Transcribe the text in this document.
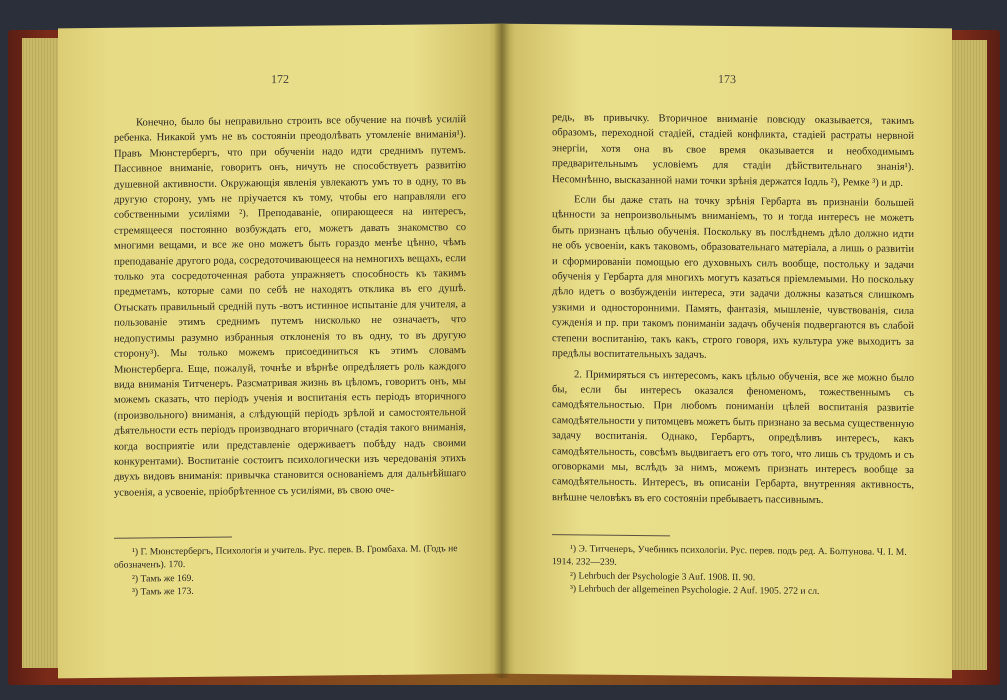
172

Конечно, было бы неправильно строить все обучение на почвѣ усилій ребенка. Никакой умъ не въ состояніи преодолѣвать утомленіе вниманія¹). Правъ Мюнстербергъ, что при обученіи надо идти среднимъ путемъ. Пассивное вниманіе, говоритъ онъ, ничуть не способствуетъ развитію душевной активности. Окружающія явленія увлекаютъ умъ то в одну, то въ другую сторону, умъ не пріучается къ тому, чтобы его направляли его собственными усиліями ²). Преподаваніе, опирающееся на интересъ, стремящееся постоянно возбуждать его, можетъ давать знакомство со многими вещами, и все же оно можетъ быть гораздо менѣе цѣнно, чѣмъ преподаваніе другого рода, сосредоточивающееся на немногихъ вещахъ, если только эта сосредоточенная работа упражняетъ способность къ такимъ предметамъ, которые сами по себѣ не находятъ отклика въ его душѣ. Отыскать правильный средній путь -вотъ истинное испытаніе для учителя, а пользованіе этимъ среднимъ путемъ нисколько не означаетъ, что недопустимы разумно избранныя отклоненія то въ одну, то въ другую сторону³). Мы только можемъ присоединиться къ этимъ словамъ Мюнстерберга. Еще, пожалуй, точнѣе и вѣрнѣе опредѣляетъ роль каждого вида вниманія Титченеръ. Разсматривая жизнь въ цѣломъ, говоритъ онъ, мы можемъ сказать, что періодъ ученія и воспитанія есть періодъ вторичного (произвольного) вниманія, а слѣдующій періодъ зрѣлой и самостоятельной дѣятельности есть періодъ производнаго вторичнаго (стадія такого вниманія, когда восприятіе или представленіе одерживаетъ побѣду надъ своими конкурентами). Воспитаніе состоитъ психологически изъ чередованія этихъ двухъ видовъ вниманія: привычка становится основаніемъ для дальнѣйшаго усвоенія, а усвоеніе, пріобрѣтенное съ усиліями, въ свою оче-

¹) Г. Мюнстербергъ, Психологія и учитель. Рус. перев. В. Громбаха. М. (Годъ не обозначенъ). 170.
²) Тамъ же 169.
³) Тамъ же 173.
173

редь, въ привычку. Вторичное вниманіе повсюду оказывается, такимъ образомъ, переходной стадіей, стадіей конфликта, стадіей растраты нервной энергіи, хотя она въ свое время оказывается и необходимымъ предварительнымъ условіемъ для стадіи дѣйствительнаго знанія¹). Несомнѣнно, высказанной нами точки зрѣнія держатся Іодль ²), Ремке ³) и др.

Если бы даже стать на точку зрѣнія Гербарта въ признаніи большей цѣнности за непроизвольнымъ вниманіемъ, то и тогда интересъ не можетъ быть признанъ цѣлью обученія. Поскольку въ послѣднемъ дѣло должно идти не объ усвоеніи, какъ таковомъ, образовательнаго матеріала, а лишь о развитіи и сформированіи помощью его духовныхъ силъ вообще, постольку и задачи обученія у Гербарта для многихъ могутъ казаться пріемлемыми. Но поскольку дѣло идетъ о возбужденіи интереса, эти задачи должны казаться слишкомъ узкими и односторонними. Память, фантазія, мышленіе, чувствованія, сила сужденія и пр. при такомъ пониманіи задачъ обученія подвергаются въ слабой степени воспитанію, такъ какъ, строго говоря, ихъ культура уже выходитъ за предѣлы воспитательныхъ задачъ.

2. Примиряться съ интересомъ, какъ цѣлью обученія, все же можно было бы, если бы интересъ оказался феноменомъ, тожественнымъ съ самодѣятельностью. При любомъ пониманіи цѣлей воспитанія развитіе самодѣятельности у питомцевъ можетъ быть признано за весьма существенную задачу воспитанія. Однако, Гербартъ, опредѣливъ интересъ, какъ самодѣятельность, совсѣмъ выдвигаетъ его отъ того, что лишь съ трудомъ и съ оговорками мы, вслѣдъ за нимъ, можемъ признать интересъ вообще за самодѣятельность. Интересъ, въ описаніи Гербарта, внутренняя активность, внѣшне человѣкъ въ его состояніи пребываетъ пассивнымъ.

¹) Э. Титченеръ, Учебникъ психологіи. Рус. перев. подъ ред. А. Болтунова. Ч. I. М. 1914. 232—239.
²) Lehrbuch der Psychologie 3 Auf. 1908. II. 90.
³) Lehrbuch der allgemeinen Psychologie. 2 Auf. 1905. 272 и сл.
